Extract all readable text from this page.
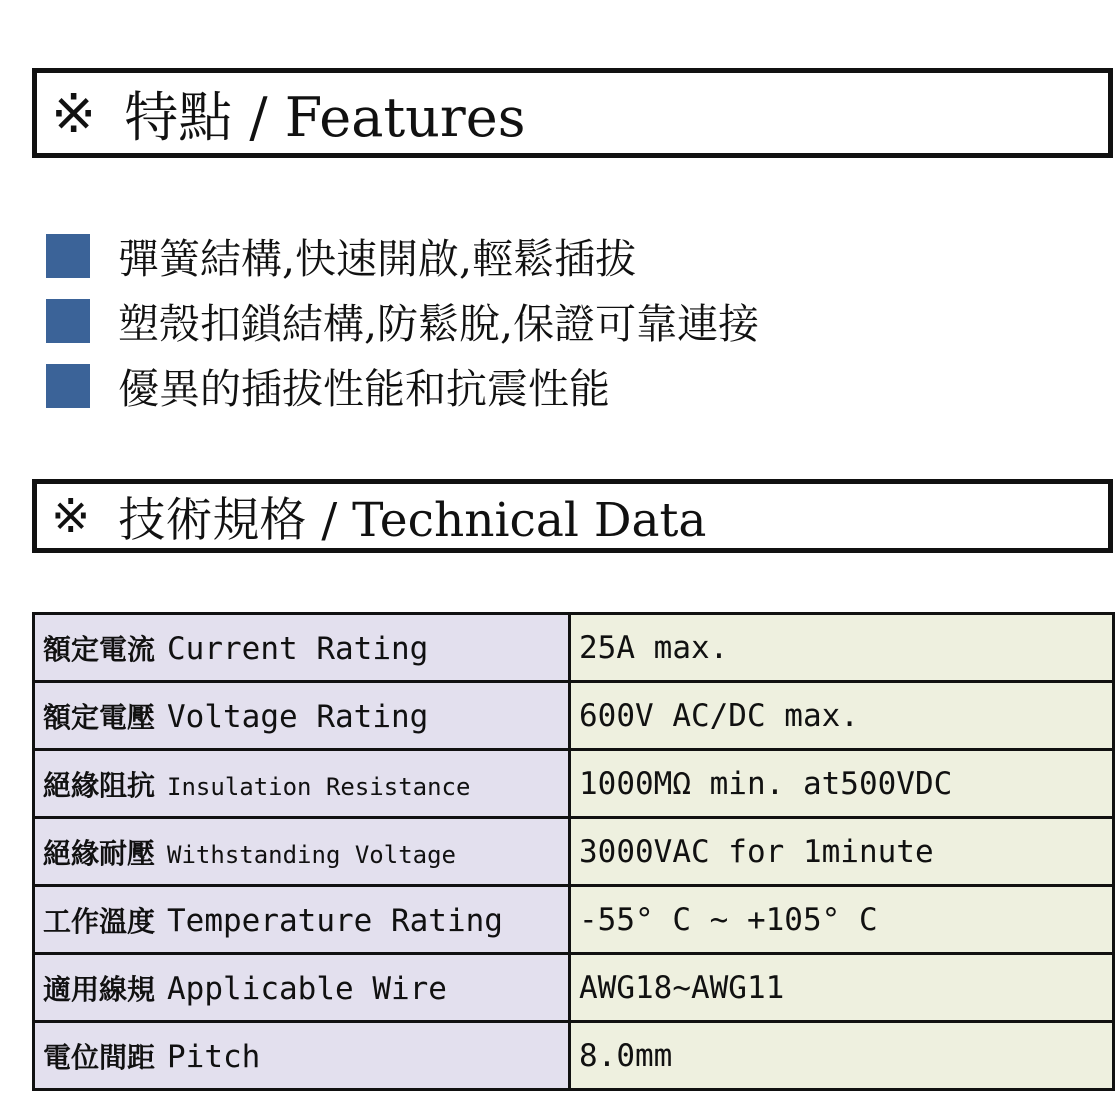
※ 特點 / Features
彈簧結構,快速開啟,輕鬆插拔
塑殼扣鎖結構,防鬆脫,保證可靠連接
優異的插拔性能和抗震性能
※ 技術規格 / Technical Data
額定電流 Current Rating	25A max.
額定電壓 Voltage Rating	600V AC/DC max.
絕緣阻抗 Insulation Resistance	1000MΩ min. at500VDC
絕緣耐壓 Withstanding Voltage	3000VAC for 1minute
工作溫度 Temperature Rating	-55° C ~ +105° C
適用線規 Applicable Wire	AWG18~AWG11
電位間距 Pitch	8.0mm
